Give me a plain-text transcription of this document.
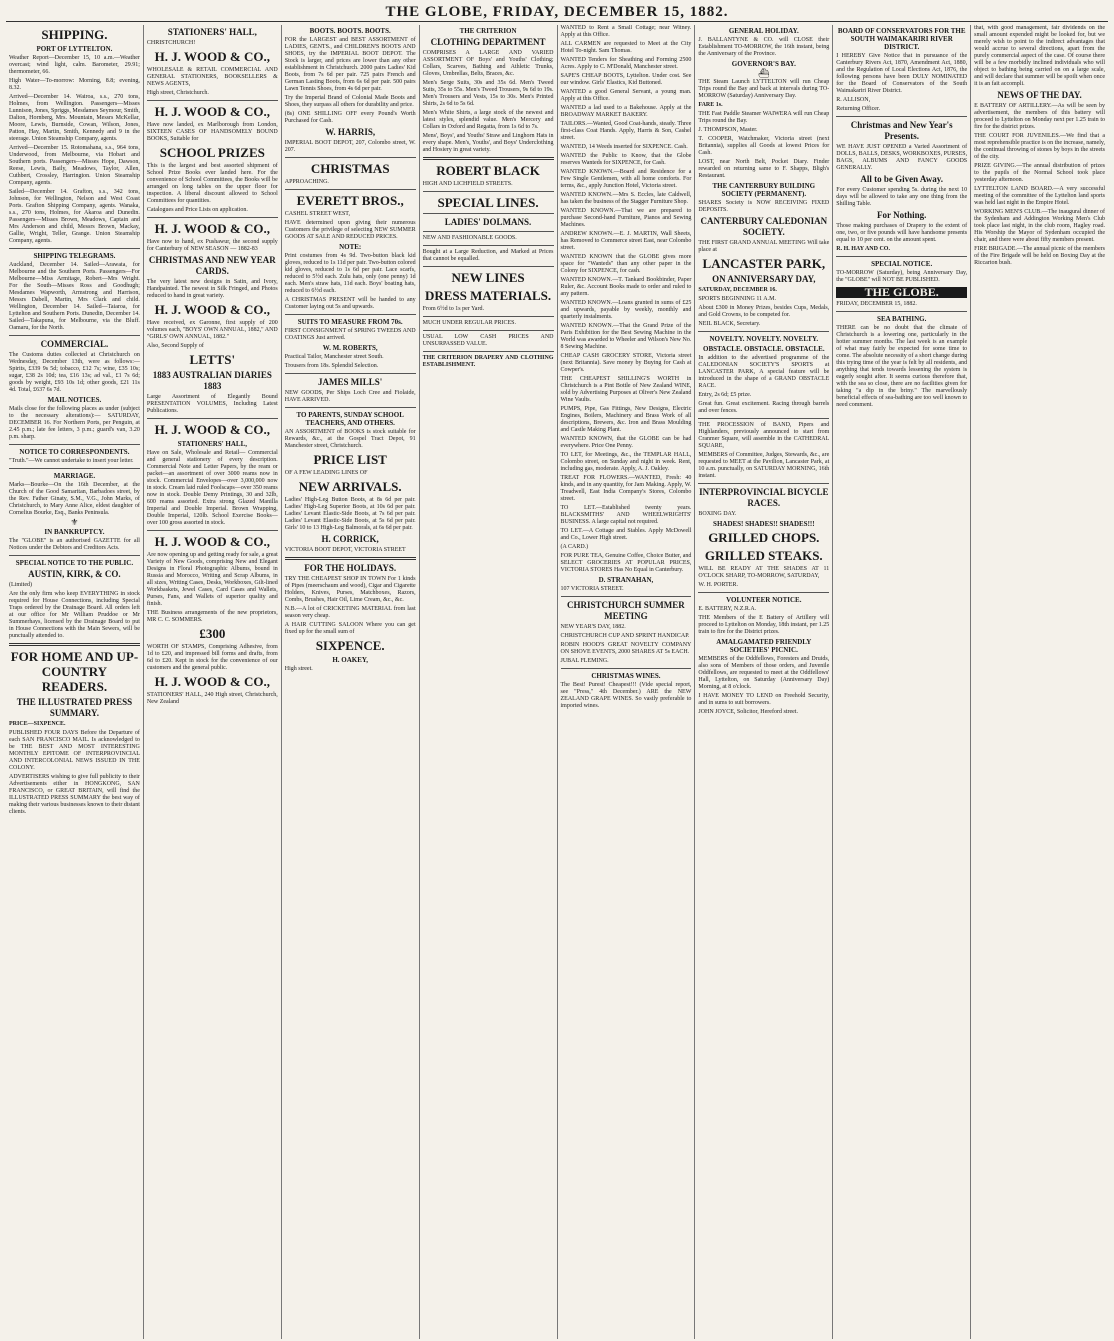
THE GLOBE, FRIDAY, DECEMBER 15, 1882.
SHIPPING.
PORT OF LYTTELTON.

Weather Report—December 15, 10 a.m.—Weather overcast; wind light, calm. Barometer, 29.91; thermometer, 66.

High Water—To-morrow: Morning, 8.8; evening, 8.32.

Arrived—December 14. Wairoa, s.s., 270 tons, Holmes, from Wellington. Passengers—Misses Lunnison, Jones, Spriggs, Mesdames Seymour, Smith, Dalton, Hornberg, Mrs. Mountain, Messrs McKellar, Moore, Lewis, Burnside, Cowan, Wilson, Jones, Patton, Hay, Martin, Smith, Kennedy and 9 in the steerage. Union Steamship Company, agents.

Arrived—December 15. Rotomahana, s.s., 964 tons, Underwood, from Melbourne, via Hobart and Southern ports. Passengers—Misses Hope, Dawson, Reese, Lewis, Baily, Meadows, Taylor, Allen, Cuthbert, Crossley, Harrington. Union Steamship Company, agents.

Sailed—December 14. Grafton, s.s., 342 tons, Johnson, for Wellington, Nelson and West Coast Ports. Grafton Shipping Company, agents. Wanaka, s.s., 270 tons, Holmes, for Akaroa and Dunedin. Passengers—Misses Brown, Meadows, Captain and Mrs Anderson and child, Messrs Brown, Mackay, Gallie, Wright, Teller, Grange. Union Steamship Company, agents.

SHIPPING TELEGRAMS.

Auckland, December 14. Sailed—Arawata, for Melbourne and the Southern Ports. Passengers—For Melbourne—Miss Armitage, Robert—Mrs Wright. For the South—Misses Ross and Goodhugh; Mesdames Wapworth, Armstrong and Harrison, Messrs Dabell, Martin, Mrs Clark and child. Wellington, December 14. Sailed—Taiaroa, for Lyttelton and Southern Ports. Dunedin, December 14. Sailed—Takapuna, for Melbourne, via the Bluff. Oamaru, for the North.

COMMERCIAL.

The Customs duties collected at Christchurch on Wednesday, December 13th, were as follows:—Spirits, £339 9s 5d; tobacco, £12 7s; wine, £35 10s; sugar, £38 2s 10d; tea, £16 13s; ad val., £1 7s 6d; goods by weight, £93 10s 1d; other goods, £21 11s 4d. Total, £637 6s 7d.

MAIL NOTICES.

Mails close for the following places as under (subject to the necessary alterations):— SATURDAY, DECEMBER 16. For Northern Ports, per Penguin, at 2.45 p.m.; late fee letters, 3 p.m.; guard's van, 3.20 p.m. sharp.

NOTICE TO CORRESPONDENTS.

"Truth."—We cannot undertake to insert your letter.

MARRIAGE.

Marks—Bourke—On the 16th December, at the Church of the Good Samaritan, Barbadoes street, by the Rev. Father Ginaty, S.M., V.G., John Marks, of Christchurch, to Mary Anne Alice, eldest daughter of Cornelius Bourke, Esq., Banks Peninsula.

⚜
IN BANKRUPTCY.

The "GLOBE" is an authorised GAZETTE for all Notices under the Debtors and Creditors Acts.

SPECIAL NOTICE TO THE PUBLIC.
AUSTIN, KIRK, & CO.

(Limited)

Are the only firm who keep EVERYTHING in stock required for House Connections, including Special Traps ordered by the Drainage Board. All orders left at our office for Mr William Pruddoe or Mr Summerhays, licensed by the Drainage Board to put in House Connections with the Main Sewers, will be punctually attended to.

FOR HOME AND UP-COUNTRY READERS.
THE ILLUSTRATED PRESS SUMMARY.

PRICE—SIXPENCE.

PUBLISHED FOUR DAYS Before the Departure of each SAN FRANCISCO MAIL. Is acknowledged to be THE BEST AND MOST INTERESTING MONTHLY EPITOME OF INTERPROVINCIAL AND INTERCOLONIAL NEWS ISSUED IN THE COLONY.

ADVERTISERS wishing to give full publicity to their Advertisements either in HONGKONG, SAN FRANCISCO, or GREAT BRITAIN, will find the ILLUSTRATED PRESS SUMMARY the best way of making their various businesses known to their distant clients.

STATIONERS' HALL,

CHRISTCHURCH!

H. J. WOOD & CO.,

WHOLESALE & RETAIL COMMERCIAL AND GENERAL STATIONERS, BOOKSELLERS & NEWS AGENTS,

High street, Christchurch.

H. J. WOOD & CO.,

Have now landed, ex Marlborough from London, SIXTEEN CASES OF HANDSOMELY BOUND BOOKS, Suitable for

SCHOOL PRIZES

This is the largest and best assorted shipment of School Prize Books ever landed here. For the convenience of School Committees, the Books will be arranged on long tables on the upper floor for inspection. A liberal discount allowed to School Committees for quantities.

Catalogues and Price Lists on application.

H. J. WOOD & CO.,

Have now to hand, ex Pushawur, the second supply for Canterbury of NEW SEASON — 1882-83

CHRISTMAS AND NEW YEAR CARDS.

The very latest new designs in Satin, and Ivory, Handpainted. The newest in Silk Fringed, and Photos reduced to hand in great variety.

H. J. WOOD & CO.,

Have received, ex Garonne, first supply of 200 volumes each, "BOYS' OWN ANNUAL, 1882," AND "GIRLS' OWN ANNUAL, 1882."

Also, Second Supply of

LETTS'
1883 AUSTRALIAN DIARIES 1883

Large Assortment of Elegantly Bound PRESENTATION VOLUMES, Including Latest Publications.

H. J. WOOD & CO.,
STATIONERS' HALL,

Have on Sale, Wholesale and Retail— Commercial and general stationery of every description. Commercial Note and Letter Papers, by the ream or packet—an assortment of over 3000 reams now in stock. Commercial Envelopes—over 3,000,000 now in stock. Cream laid ruled Foolscaps—over 350 reams now in stock. Double Demy Printings, 30 and 32lb, 600 reams assorted. Extra strong Glazed Manilla Imperial and Double Imperial. Brown Wrapping, Double Imperial, 120lb. School Exercise Books—over 100 gross assorted in stock.

H. J. WOOD & CO.,

Are now opening up and getting ready for sale, a great Variety of New Goods, comprising New and Elegant Designs in Floral Photographic Albums, bound in Russia and Morocco, Writing and Scrap Albums, in all sizes, Writing Cases, Desks, Workboxes, Gilt-lined Workbaskets, Jewel Cases, Card Cases and Wallets, Purses, Fans, and Wallets of superior quality and finish.

THE Business arrangements of the new proprietors, MR C. C. SOMMERS.

£300

WORTH OF STAMPS, Comprising Adhesive, from 1d to £20, and impressed bill forms and drafts, from 6d to £20. Kept in stock for the convenience of our customers and the general public.

H. J. WOOD & CO.,

STATIONERS' HALL, 240 High street, Christchurch, New Zealand

BOOTS. BOOTS. BOOTS.

FOR the LARGEST and BEST ASSORTMENT of LADIES, GENTS., and CHILDREN'S BOOTS AND SHOES, try the IMPERIAL BOOT DEPOT. The Stock is larger, and prices are lower than any other establishment in Christchurch. 2000 pairs Ladies' Kid Boots, from 7s 6d per pair. 725 pairs French and German Lasting Boots, from 6s 6d per pair. 500 pairs Lawn Tennis Shoes, from 4s 6d per pair.

Try the Imperial Brand of Colonial Made Boots and Shoes, they surpass all others for durability and price.

(8s) ONE SHILLING OFF every Pound's Worth Purchased for Cash.

W. HARRIS,

IMPERIAL BOOT DEPOT, 207, Colombo street, W. 207.

CHRISTMAS

APPROACHING.

EVERETT BROS.,

CASHEL STREET WEST,

HAVE determined upon giving their numerous Customers the privilege of selecting NEW SUMMER GOODS AT SALE AND REDUCED PRICES.

NOTE:

Print costumes from 4s 9d. Two-button black kid gloves, reduced to 1s 11d per pair. Two-button colored kid gloves, reduced to 1s 6d per pair. Lace scarfs, reduced to 5½d each. Zulu hats, only (one penny) 1d each. Men's straw hats, 11d each. Boys' boating hats, reduced to 6½d each.

A CHRISTMAS PRESENT will be handed to any Customer laying out 5s and upwards.

SUITS TO MEASURE FROM 70s.

FIRST CONSIGNMENT of SPRING TWEEDS AND COATINGS Just arrived.

W. M. ROBERTS,

Practical Tailor, Manchester street South.

Trousers from 18s. Splendid Selection.

JAMES MILLS'

NEW GOODS, Per Ships Loch Cree and Fiolaide, HAVE ARRIVED.

TO PARENTS, SUNDAY SCHOOL TEACHERS, AND OTHERS.

AN ASSORTMENT of BOOKS is stock suitable for Rewards, &c., at the Gospel Tract Depot, 91 Manchester street, Christchurch.

PRICE LIST

OF A FEW LEADING LINES OF

NEW ARRIVALS.

Ladies' High-Leg Button Boots, at 8s 6d per pair. Ladies' High-Leg Superior Boots, at 10s 6d per pair. Ladies' Levant Elastic-Side Boots, at 7s 6d per pair. Ladies' Levant Elastic-Side Boots, at 5s 6d per pair. Girls' 10 to 13 High-Leg Balmorals, at 6s 6d per pair.

H. CORRICK,

VICTORIA BOOT DEPOT, VICTORIA STREET

FOR THE HOLIDAYS.

TRY THE CHEAPEST SHOP IN TOWN For 1 kinds of Pipes (meerschaum and wood), Cigar and Cigarette Holders, Knives, Purses, Matchboxes, Razors, Combs, Brushes, Hair Oil, Lime Cream, &c., &c.

N.B.—A lot of CRICKETING MATERIAL from last season very cheap.

A HAIR CUTTING SALOON Where you can get fixed up for the small sum of

SIXPENCE.
H. OAKEY,

High street.

THE CRITERION
CLOTHING DEPARTMENT

COMPRISES A LARGE AND VARIED ASSORTMENT OF Boys' and Youths' Clothing; Collars, Scarves, Bathing and Athletic Trunks, Gloves, Umbrellas, Belts, Braces, &c.

Men's Serge Suits, 30s and 35s 6d. Men's Tweed Suits, 35s to 55s. Men's Tweed Trousers, 9s 6d to 19s. Men's Trousers and Vests, 15s to 30s. Men's Printed Shirts, 2s 6d to 5s 6d.

Men's White Shirts, a large stock of the newest and latest styles, splendid value. Men's Mercery and Collars in Oxford and Regatta, from 1s 6d to 7s.

Mens', Boys', and Youths' Straw and Linghorn Hats in every shape. Men's, Youths', and Boys' Underclothing and Hosiery in great variety.

ROBERT BLACK

HIGH AND LICHFIELD STREETS.

SPECIAL LINES.
LADIES' DOLMANS.

NEW AND FASHIONABLE GOODS.

Bought at a Large Reduction, and Marked at Prices that cannot be equalled.

NEW LINES
DRESS MATERIALS.

From 6½d to 1s per Yard.

MUCH UNDER REGULAR PRICES.

USUAL LOW CASH PRICES AND UNSURPASSED VALUE.

THE CRITERION DRAPERY AND CLOTHING ESTABLISHMENT.

WANTED to Rent a Small Cottage; near Witney. Apply at this Office.

ALL CARMEN are requested to Meet at the City Hotel To-night. Sam Thomas.

WANTED Tenders for Sheathing and Forming 2500 Acres. Apply to C. M'Donald, Manchester street.

SAPE'S CHEAP BOOTS, Lyttelton. Under cost. See our window. Girls' Elastics, Kid Buttoned.

WANTED a good General Servant, a young man. Apply at this Office.

WANTED a lad used to a Bakehouse. Apply at the BROADWAY MARKET BAKERY.

TAILORS.—Wanted, Good Coat-hands, steady. Three first-class Coat Hands. Apply, Harris & Son, Cashel street.

WANTED, 14 Weeds inserted for SIXPENCE. Cash.

WANTED the Public to Know, that the Globe reserves Wanteds for SIXPENCE, for Cash.

WANTED KNOWN.—Board and Residence for a Few Single Gentlemen, with all home comforts. For terms, &c., apply Junction Hotel, Victoria street.

WANTED KNOWN.—Mrs S. Eccles, late Caldwell, has taken the business of the Stagger Furniture Shop.

WANTED KNOWN.—That we are prepared to purchase Second-hand Furniture, Pianos and Sewing Machines.

ANDREW KNOWN.—E. J. MARTIN, Wall Sheets, has Removed to Commerce street East, near Colombo street.

WANTED KNOWN that the GLOBE gives more space for "Wanteds" than any other paper in the Colony for SIXPENCE, for cash.

WANTED KNOWN.—T. Tankard Bookbinder, Paper Ruler, &c. Account Books made to order and ruled to any pattern.

WANTED KNOWN.—Loans granted in sums of £25 and upwards, payable by weekly, monthly and quarterly instalments.

WANTED KNOWN.—That the Grand Prize of the Paris Exhibition for the Best Sewing Machine in the World was awarded to Wheeler and Wilson's New No. 8 Sewing Machine.

CHEAP CASH GROCERY STORE, Victoria street (next Britannia). Save money by Buying for Cash at Cowper's.

THE CHEAPEST SHILLING'S WORTH in Christchurch is a Pint Bottle of New Zealand WINE, sold by Advertising Purposes at Oliver's New Zealand Wine Vaults.

PUMPS, Pipe, Gas Fittings, New Designs, Electric Engines, Boilers, Machinery and Brass Work of all descriptions, Brewers, &c. Iron and Brass Moulding and Castle Making Plant.

WANTED KNOWN, that the GLOBE can be had everywhere. Price One Penny.

TO LET, for Meetings, &c., the TEMPLAR HALL, Colombo street, on Sunday and night in week. Rent, including gas, moderate. Apply, A. J. Oakley.

TREAT FOR FLOWERS.—WANTED, Fresh: 40 kinds, and in any quantity, for Jam Making. Apply, W. Treadwell, East India Company's Stores, Colombo street.

TO LET.—Established twenty years. BLACKSMITHS' AND WHEELWRIGHTS' BUSINESS. A large capital not required.

TO LET.—A Cottage and Stables. Apply McDowell and Co., Lower High street.

(A CARD.)

FOR PURE TEA, Genuine Coffee, Choice Butter, and SELECT GROCERIES AT POPULAR PRICES, VICTORIA STORES Has No Equal in Canterbury.

D. STRANAHAN,

107 VICTORIA STREET.

CHRISTCHURCH SUMMER MEETING

NEW YEAR'S DAY, 1882.

CHRISTCHURCH CUP AND SPRINT HANDICAP.

ROBIN HOOD'S GREAT NOVELTY COMPANY ON SHOVE EVENTS, 2000 SHARES AT 5s EACH.

JUBAL FLEMING.

CHRISTMAS WINES.

The Best! Purest! Cheapest!!! (Vide special report, see "Press," 4th December.) ARE the NEW ZEALAND GRAPE WINES. So vastly preferable to imported wines.

GENERAL HOLIDAY.

J. BALLANTYNE & CO. will CLOSE their Establishment TO-MORROW, the 16th instant, being the Anniversary of the Province.

GOVERNOR'S BAY.
⛴

THE Steam Launch LYTTELTON will run Cheap Trips round the Bay and back at intervals during TO-MORROW (Saturday) Anniversary Day.

FARE 1s.

THE Fast Paddle Steamer WAIWERA will run Cheap Trips round the Bay.

J. THOMPSON, Master.

T. COOPER, Watchmaker, Victoria street (next Britannia), supplies all Goods at lowest Prices for Cash.

LOST, near North Belt, Pocket Diary. Finder rewarded on returning same to F. Shapps, Bligh's Restaurant.

THE CANTERBURY BUILDING SOCIETY (PERMANENT).

SHARES Society is NOW RECEIVING FIXED DEPOSITS.

CANTERBURY CALEDONIAN SOCIETY.

THE FIRST GRAND ANNUAL MEETING Will take place at

LANCASTER PARK,
ON ANNIVERSARY DAY,

SATURDAY, DECEMBER 16.

SPORTS BEGINNING 11 A.M.

About £300 in Money Prizes, besides Cups, Medals, and Gold Crowns, to be competed for.

NEIL BLACK, Secretary.

NOVELTY. NOVELTY. NOVELTY.
OBSTACLE. OBSTACLE. OBSTACLE.

In addition to the advertised programme of the CALEDONIAN SOCIETY'S SPORTS at LANCASTER PARK, A special feature will be introduced in the shape of a GRAND OBSTACLE RACE.

Entry, 2s 6d; £5 prize.

Great fun. Great excitement. Racing through barrels and over fences.

THE PROCESSION of BAND, Pipers and Highlanders, previously announced to start from Cranmer Square, will assemble in the CATHEDRAL SQUARE,

MEMBERS of Committee, Judges, Stewards, &c., are requested to MEET at the Pavilion, Lancaster Park, at 10 a.m. punctually, on SATURDAY MORNING, 16th instant.

INTERPROVINCIAL BICYCLE RACES.

BOXING DAY.

SHADES! SHADES!! SHADES!!!
GRILLED CHOPS.
GRILLED STEAKS.

WILL BE READY AT THE SHADES AT 11 O'CLOCK SHARP, TO-MORROW, SATURDAY,

W. H. PORTER.

VOLUNTEER NOTICE.

E. BATTERY, N.Z.R.A.

THE Members of the E Battery of Artillery will proceed to Lyttelton on Monday, 18th instant, per 1.25 train to fire for the District prizes.

AMALGAMATED FRIENDLY SOCIETIES' PICNIC.

MEMBERS of the Oddfellows, Foresters and Druids, also sons of Members of those orders, and Juvenile Oddfellows, are requested to meet at the Oddfellows' Hall, Lyttelton, on Saturday (Anniversary Day) Morning, at 8 o'clock.

I HAVE MONEY TO LEND on Freehold Security, and in sums to suit borrowers.

JOHN JOYCE, Solicitor, Hereford street.

BOARD OF CONSERVATORS FOR THE SOUTH WAIMAKARIRI RIVER DISTRICT.

I HEREBY Give Notice that in pursuance of the Canterbury Rivers Act, 1870, Amendment Act, 1880, and the Regulation of Local Elections Act, 1876, the following persons have been DULY NOMINATED for the Board of Conservators of the South Waimakariri River District.

R. ALLISON,

Returning Officer.

Christmas and New Year's Presents.

WE HAVE JUST OPENED a Varied Assortment of DOLLS, BALLS, DESKS, WORKBOXES, PURSES, BAGS, ALBUMS AND FANCY GOODS GENERALLY.

All to be Given Away.

For every Customer spending 5s. during the next 10 days will be allowed to take any one thing from the Shilling Table.

For Nothing.

Those making purchases of Drapery to the extent of one, two, or five pounds will have handsome presents equal to 10 per cent. on the amount spent.

R. H. HAY AND CO.

SPECIAL NOTICE.

TO-MORROW (Saturday), being Anniversary Day, the "GLOBE" will NOT BE PUBLISHED.

THE GLOBE.

FRIDAY, DECEMBER 15, 1882.

SEA BATHING.

THERE can be no doubt that the climate of Christchurch is a lowering one, particularly in the hotter summer months. The last week is an example of what may fairly be expected for some time to come. The absolute necessity of a short change during this trying time of the year is felt by all residents, and anything that tends towards lessening the system is eagerly sought after. It seems curious therefore that, with the sea so close, there are no facilities given for taking "a dip in the briny." The marvellously beneficial effects of sea-bathing are too well known to need comment.

that, with good management, fair dividends on the small amount expended might be looked for, but we merely wish to point to the indirect advantages that would accrue to several directions, apart from the purely commercial aspect of the case. Of course there will be a few morbidly inclined individuals who will object to bathing being carried on on a large scale, and will declare that summer will be spoilt when once it is an fait accompli.

NEWS OF THE DAY.

E BATTERY OF ARTILLERY.—As will be seen by advertisement, the members of this battery will proceed to Lyttelton on Monday next per 1.25 train to fire for the district prizes.

THE COURT FOR JUVENILES.—We find that a most reprehensible practice is on the increase, namely, the continual throwing of stones by boys in the streets of the city.

PRIZE GIVING.—The annual distribution of prizes to the pupils of the Normal School took place yesterday afternoon.

LYTTELTON LAND BOARD.—A very successful meeting of the committee of the Lyttelton land sports was held last night in the Empire Hotel.

WORKING MEN'S CLUB.—The inaugural dinner of the Sydenham and Addington Working Men's Club took place last night, in the club room, Hagley road. His Worship the Mayor of Sydenham occupied the chair, and there were about fifty members present.

FIRE BRIGADE.—The annual picnic of the members of the Fire Brigade will be held on Boxing Day at the Riccarton bush.
